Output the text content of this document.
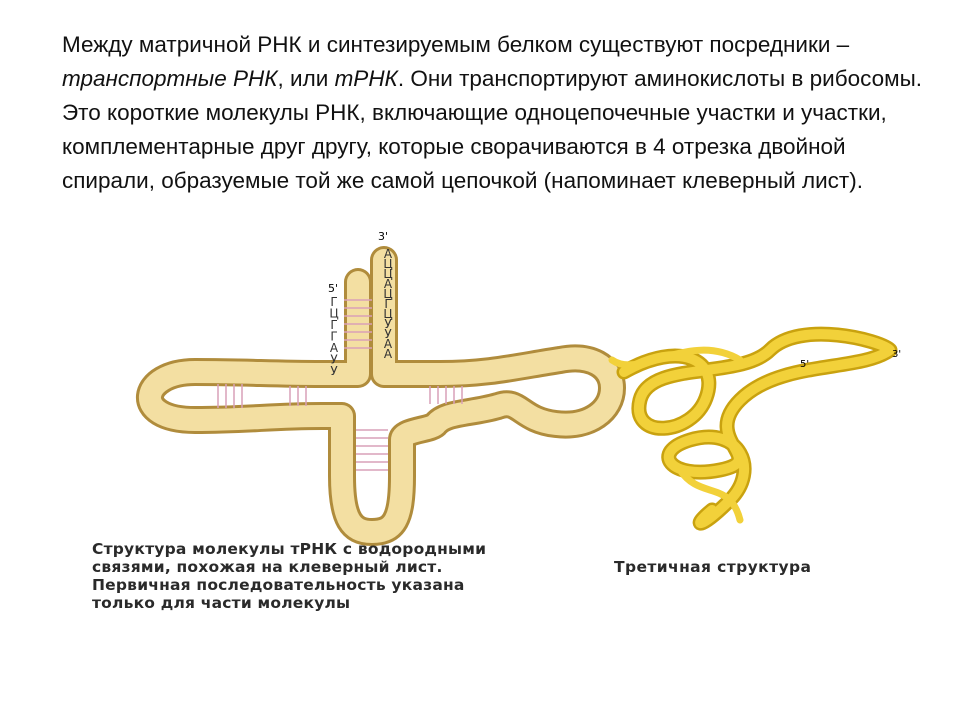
Между матричной РНК и синтезируемым белком существуют посредники – транспортные РНК, или тРНК. Они транспортируют аминокислоты в рибосомы. Это короткие молекулы РНК, включающие одноцепочечные участки и участки, комплементарные друг другу, которые сворачиваются в 4 отрезка двойной спирали, образуемые той же самой цепочкой (напоминает клеверный лист).

5'
3'
Г
Ц
Г
Г
А
У
У
А
Ц
Ц
А
Ц
Г
Ц
У
У
А
А
5'
3'

Структура молекулы тРНК с водородными
связями, похожая на клеверный лист.
Первичная последовательность указана
только для части молекулы

Третичная структура
